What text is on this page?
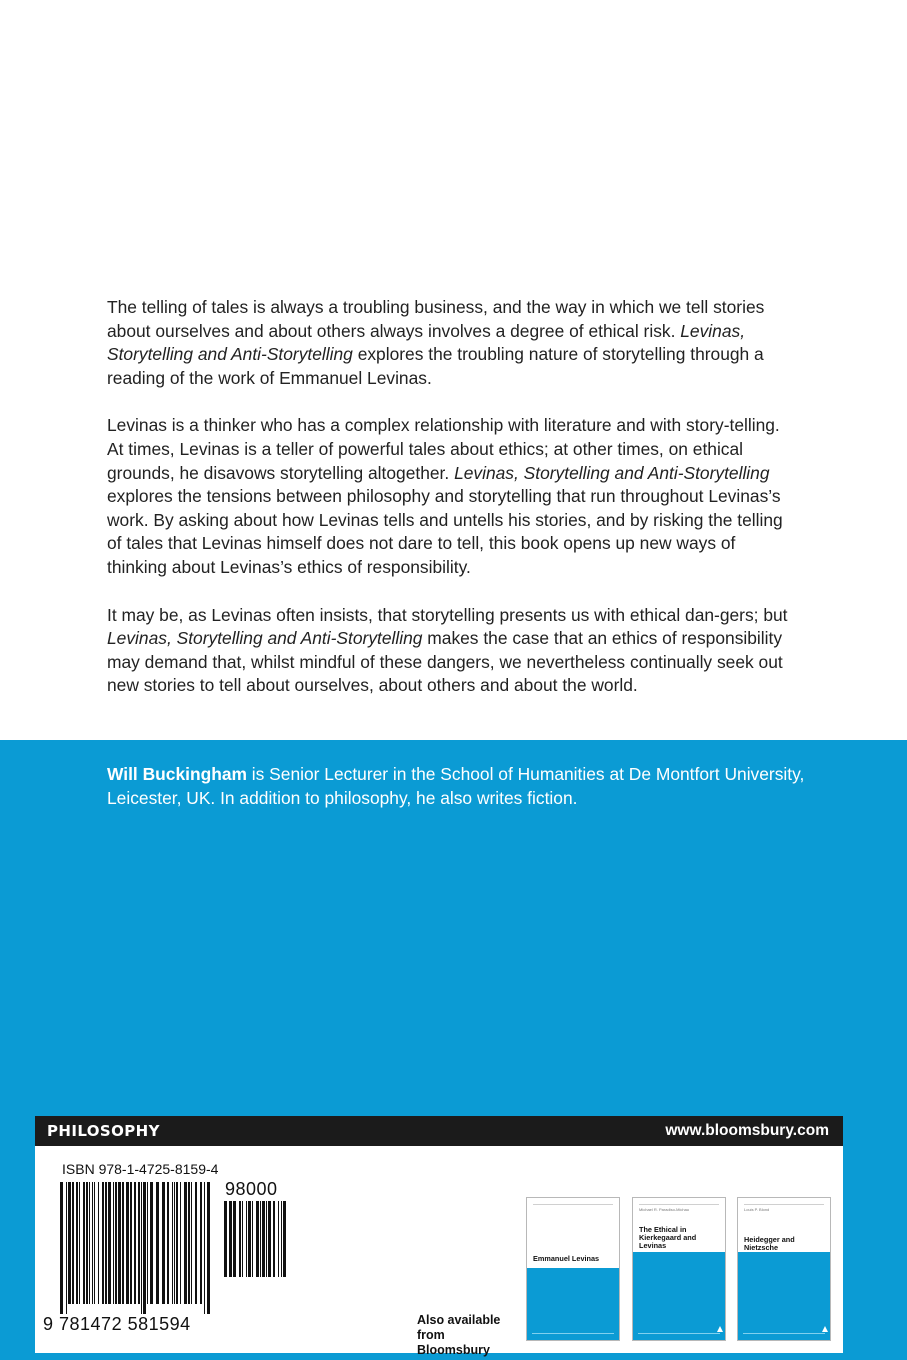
The telling of tales is always a troubling business, and the way in which we tell stories about ourselves and about others always involves a degree of ethical risk. Levinas, Storytelling and Anti-Storytelling explores the troubling nature of storytelling through a reading of the work of Emmanuel Levinas.

Levinas is a thinker who has a complex relationship with literature and with story-telling. At times, Levinas is a teller of powerful tales about ethics; at other times, on ethical grounds, he disavows storytelling altogether. Levinas, Storytelling and Anti-Storytelling explores the tensions between philosophy and storytelling that run throughout Levinas’s work. By asking about how Levinas tells and untells his stories, and by risking the telling of tales that Levinas himself does not dare to tell, this book opens up new ways of thinking about Levinas’s ethics of responsibility.

It may be, as Levinas often insists, that storytelling presents us with ethical dan-gers; but Levinas, Storytelling and Anti-Storytelling makes the case that an ethics of responsibility may demand that, whilst mindful of these dangers, we nevertheless continually seek out new stories to tell about ourselves, about others and about the world.

Will Buckingham is Senior Lecturer in the School of Humanities at De Montfort University, Leicester, UK. In addition to philosophy, he also writes fiction.

PHILOSOPHY	www.bloomsbury.com
ISBN 978-1-4725-8159-4
9 781472 581594
98000
Also available from Bloomsbury
Emmanuel Levinas
Michael R. Paradiso-Michau
The Ethical in Kierkegaard and Levinas
Louis P. Blond
Heidegger and Nietzsche
